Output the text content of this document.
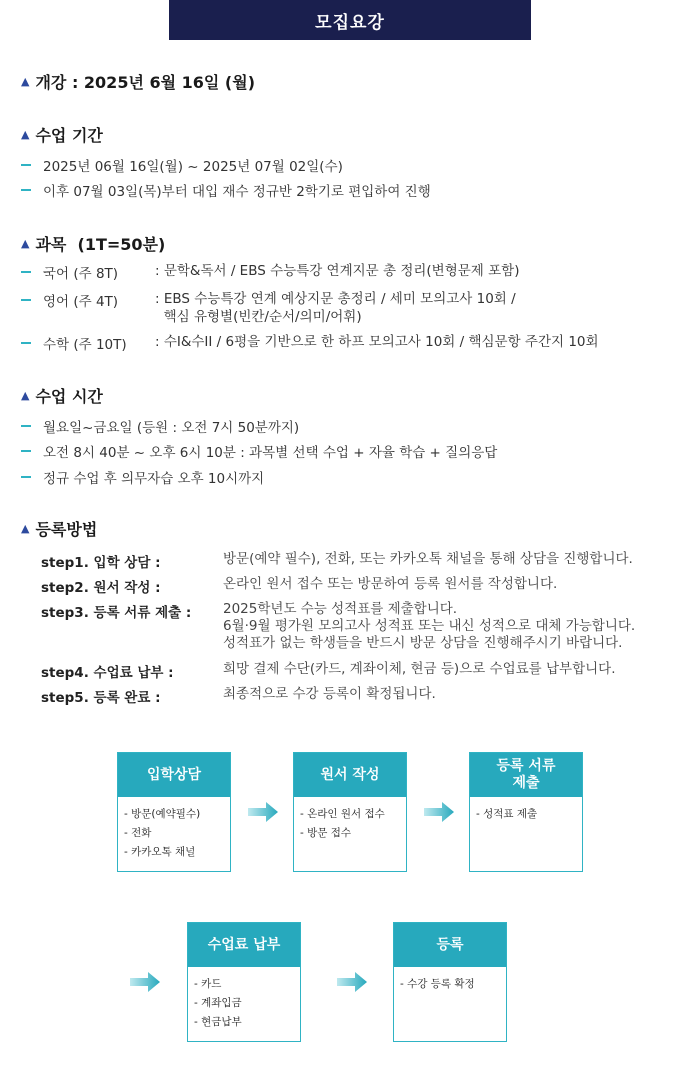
모집요강
▲ 개강 : 2025년 6월 16일 (월)
▲ 수업 기간
2025년 06월 16일(월) ~ 2025년 07월 02일(수)
이후 07월 03일(목)부터 대입 재수 정규반 2학기로 편입하여 진행
▲ 과목  (1T=50분)
국어 (주 8T)	: 문학&독서 / EBS 수능특강 연계지문 총 정리(변형문제 포함)
영어 (주 4T)	: EBS 수능특강 연계 예상지문 총정리 / 세미 모의고사 10회 /
핵심 유형별(빈칸/순서/의미/어휘)
수학 (주 10T)	: 수I&수II / 6평을 기반으로 한 하프 모의고사 10회 / 핵심문항 주간지 10회
▲ 수업 시간
월요일~금요일 (등원 : 오전 7시 50분까지)
오전 8시 40분 ~ 오후 6시 10분 : 과목별 선택 수업 + 자율 학습 + 질의응답
정규 수업 후 의무자습 오후 10시까지
▲ 등록방법
step1. 입학 상담 :	방문(예약 필수), 전화, 또는 카카오톡 채널을 통해 상담을 진행합니다.
step2. 원서 작성 :	온라인 원서 접수 또는 방문하여 등록 원서를 작성합니다.
step3. 등록 서류 제출 :	2025학년도 수능 성적표를 제출합니다.
6월·9월 평가원 모의고사 성적표 또는 내신 성적으로 대체 가능합니다.
성적표가 없는 학생들을 반드시 방문 상담을 진행해주시기 바랍니다.
step4. 수업료 납부 :	희망 결제 수단(카드, 계좌이체, 현금 등)으로 수업료를 납부합니다.
step5. 등록 완료 :	최종적으로 수강 등록이 확정됩니다.
입학상담
- 방문(예약필수)
- 전화
- 카카오톡 채널
원서 작성
- 온라인 원서 접수
- 방문 접수
등록 서류
제출
- 성적표 제출
수업료 납부
- 카드
- 계좌입금
- 현금납부
등록
- 수강 등록 확정
